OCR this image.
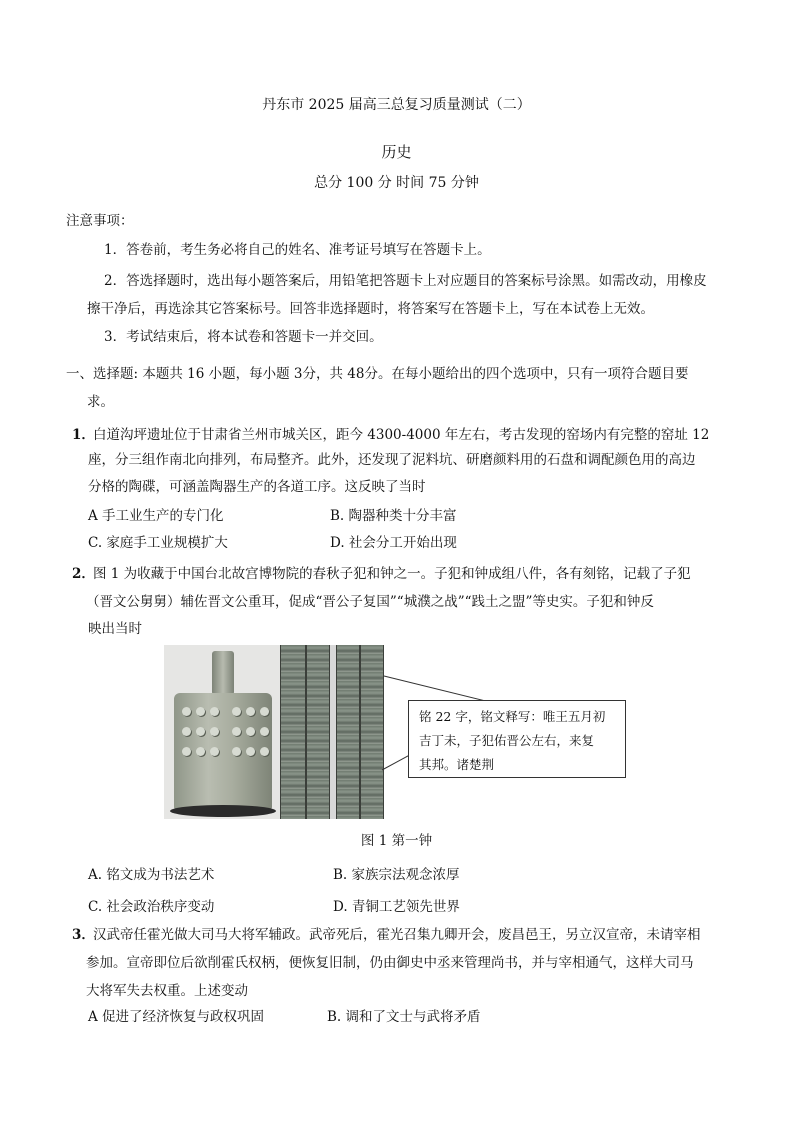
丹东市 2025 届高三总复习质量测试（二）
历史
总分 100 分 时间 75 分钟
注意事项：
1．答卷前，考生务必将自己的姓名、准考证号填写在答题卡上。
2．答选择题时，选出每小题答案后，用铅笔把答题卡上对应题目的答案标号涂黑。如需改动，用橡皮
擦干净后，再选涂其它答案标号。回答非选择题时，将答案写在答题卡上，写在本试卷上无效。
3．考试结束后，将本试卷和答题卡一并交回。
一、选择题: 本题共 16 小题，每小题 3分，共 48分。在每小题给出的四个选项中，只有一项符合题目要
求。
1．
白道沟坪遗址位于甘肃省兰州市城关区，距今 4300-4000 年左右，考古发现的窑场内有完整的窑址 12
座，分三组作南北向排列，布局整齐。此外，还发现了泥料坑、研磨颜料用的石盘和调配颜色用的高边
分格的陶碟，可涵盖陶器生产的各道工序。这反映了当时
A 手工业生产的专门化	B. 陶器种类十分丰富
C. 家庭手工业规模扩大	D. 社会分工开始出现
2．
图 1 为收藏于中国台北故宫博物院的春秋子犯和钟之一。子犯和钟成组八件，各有刻铭，记载了子犯
（晋文公舅舅）辅佐晋文公重耳，促成“晋公子复国”“城濮之战”“践土之盟”等史实。子犯和钟反
映出当时
铭 22 字，铭文释写：唯王五月初
吉丁未，子犯佑晋公左右，来复
其邦。诸楚荆
图 1 第一钟
A. 铭文成为书法艺术	B. 家族宗法观念浓厚
C. 社会政治秩序变动	D. 青铜工艺领先世界
3．
汉武帝任霍光做大司马大将军辅政。武帝死后，霍光召集九卿开会，废昌邑王，另立汉宣帝，未请宰相
参加。宣帝即位后欲削霍氏权柄，便恢复旧制，仍由御史中丞来管理尚书，并与宰相通气，这样大司马
大将军失去权重。上述变动
A 促进了经济恢复与政权巩固	B. 调和了文士与武将矛盾
